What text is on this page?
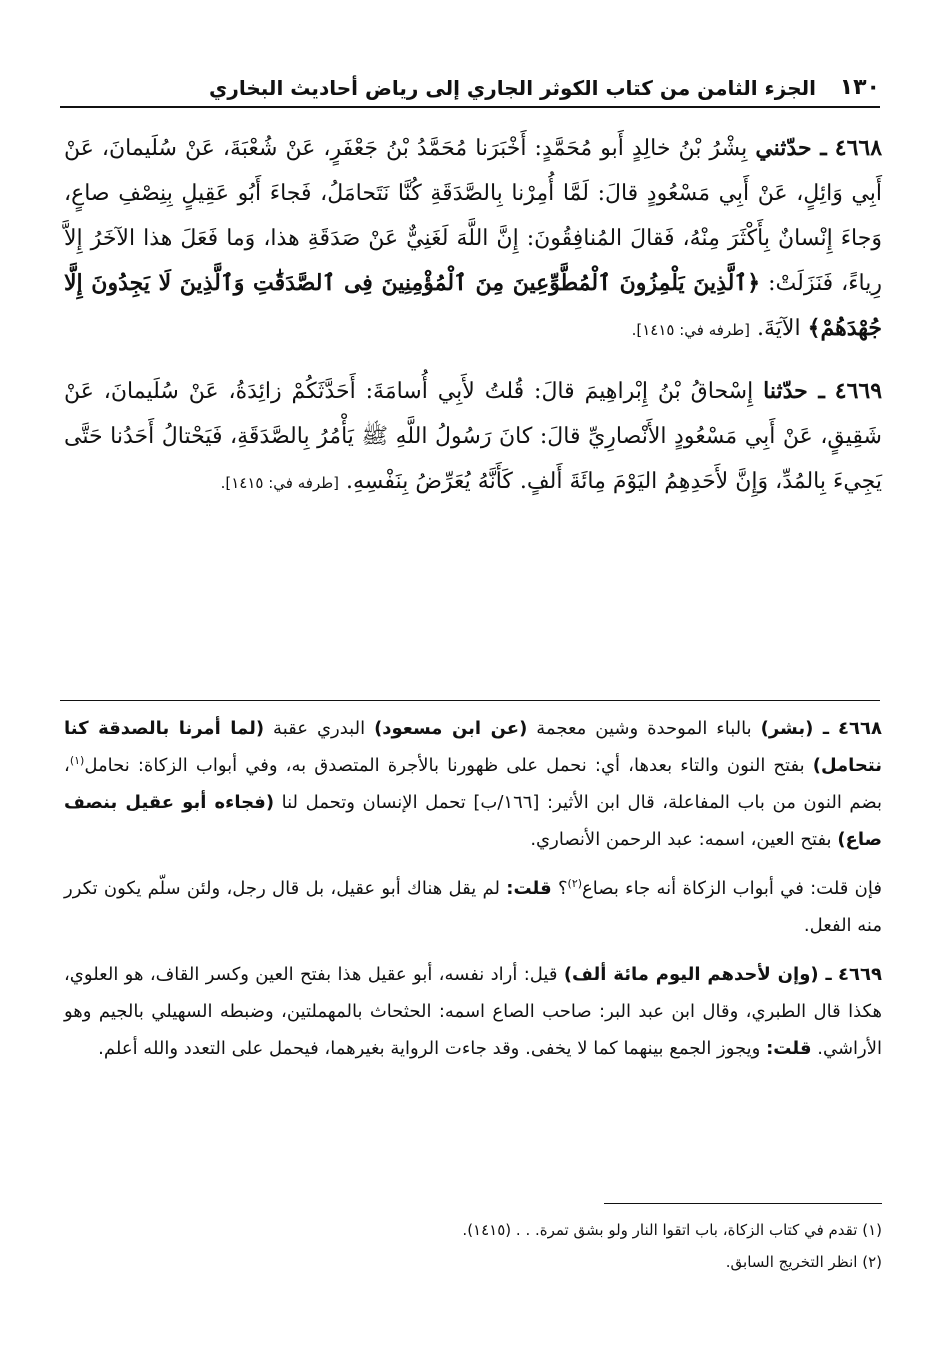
١٣٠
الجزء الثامن من كتاب الكوثر الجاري إلى رياض أحاديث البخاري

٤٦٦٨ ـ حدّثني بِشْرُ بْنُ خالِدٍ أَبو مُحَمَّدٍ: أَخْبَرَنا مُحَمَّدُ بْنُ جَعْفَرٍ، عَنْ شُعْبَةَ، عَنْ سُلَيمانَ، عَنْ أَبِي وَائِلٍ، عَنْ أَبِي مَسْعُودٍ قالَ: لَمَّا أُمِرْنا بِالصَّدَقَةِ كُنَّا نَتَحامَلُ، فَجاءَ أَبُو عَقِيلٍ بِنِصْفِ صاعٍ، وَجاءَ إِنْسانٌ بِأَكْثَرَ مِنْهُ، فَقالَ المُنافِقُونَ: إِنَّ اللَّهَ لَغَنِيٌّ عَنْ صَدَقَةِ هذا، وَما فَعَلَ هذا الآخَرُ إِلاَّ رِياءً، فَنَزَلَتْ: ﴿ٱلَّذِينَ يَلْمِزُونَ ٱلْمُطَّوِّعِينَ مِنَ ٱلْمُؤْمِنِينَ فِى ٱلصَّدَقَٰتِ وَٱلَّذِينَ لَا يَجِدُونَ إِلَّا جُهْدَهُمْ﴾ الآيَةَ. [طرفه في: ١٤١٥].

٤٦٦٩ ـ حدّثنا إِسْحاقُ بْنُ إِبْراهِيمَ قالَ: قُلتُ لأَبِي أُسامَةَ: أَحَدَّثَكُمْ زائِدَةُ، عَنْ سُلَيمانَ، عَنْ شَقِيقٍ، عَنْ أَبِي مَسْعُودٍ الأَنْصارِيِّ قالَ: كانَ رَسُولُ اللَّهِ ﷺ يَأْمُرُ بِالصَّدَقَةِ، فَيَحْتالُ أَحَدُنا حَتَّى يَجِيءَ بِالمُدِّ، وَإِنَّ لأَحَدِهِمُ اليَوْمَ مِائَةَ أَلفٍ. كَأَنَّهُ يُعَرِّضُ بِنَفْسِهِ. [طرفه في: ١٤١٥].

٤٦٦٨ ـ (بشر) بالباء الموحدة وشين معجمة (عن ابن مسعود) البدري عقبة (لما أمرنا بالصدقة كنا نتحامل) بفتح النون والتاء بعدها، أي: نحمل على ظهورنا بالأجرة المتصدق به، وفي أبواب الزكاة: نحامل$^{(١)}$، بضم النون من باب المفاعلة، قال ابن الأثير: [١٦٦/ب] تحمل الإنسان وتحمل لنا (فجاءه أبو عقيل بنصف صاع) بفتح العين، اسمه: عبد الرحمن الأنصاري.

فإن قلت: في أبواب الزكاة أنه جاء بصاع$^{(٢)}$؟ قلت: لم يقل هناك أبو عقيل، بل قال رجل، ولئن سلّم يكون تكرر منه الفعل.

٤٦٦٩ ـ (وإن لأحدهم اليوم مائة ألف) قيل: أراد نفسه، أبو عقيل هذا بفتح العين وكسر القاف، هو العلوي، هكذا قال الطبري، وقال ابن عبد البر: صاحب الصاع اسمه: الحثحاث بالمهملتين، وضبطه السهيلي بالجيم وهو الأراشي. قلت: ويجوز الجمع بينهما كما لا يخفى. وقد جاءت الرواية بغيرهما، فيحمل على التعدد والله أعلم.

(١) تقدم في كتاب الزكاة، باب اتقوا النار ولو بشق تمرة. . . (١٤١٥).

(٢) انظر التخريج السابق.
